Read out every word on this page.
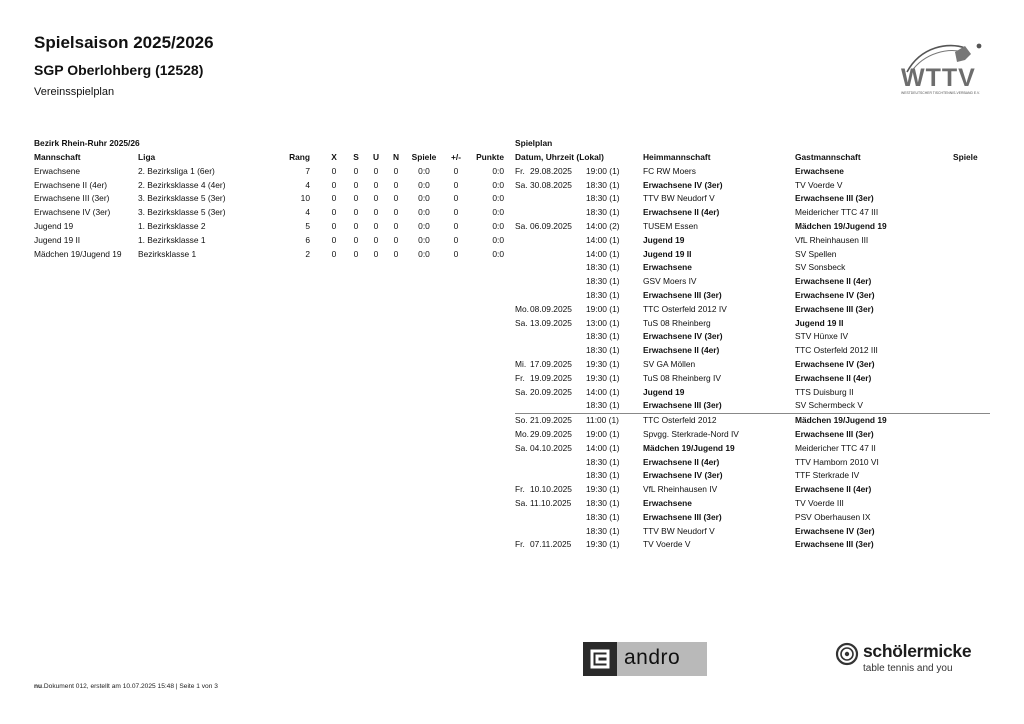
Spielsaison 2025/2026
SGP Oberlohberg (12528)
Vereinsspielplan	WTTV
WESTDEUTSCHER TISCHTENNIS-VERBAND E.V.
Bezirk Rhein-Ruhr 2025/26	Spielplan
Mannschaft	Liga	Rang	X	S	U	N	Spiele	+/-	Punkte
Erwachsene	2. Bezirksliga 1 (6er)	7	0	0	0	0	0:0	0	0:0
Erwachsene II (4er)	2. Bezirksklasse 4 (4er)	4	0	0	0	0	0:0	0	0:0
Erwachsene III (3er)	3. Bezirksklasse 5 (3er)	10	0	0	0	0	0:0	0	0:0
Erwachsene IV (3er)	3. Bezirksklasse 5 (3er)	4	0	0	0	0	0:0	0	0:0
Jugend 19	1. Bezirksklasse 2	5	0	0	0	0	0:0	0	0:0
Jugend 19 II	1. Bezirksklasse 1	6	0	0	0	0	0:0	0	0:0
Mädchen 19/Jugend 19	Bezirksklasse 1	2	0	0	0	0	0:0	0	0:0
Datum, Uhrzeit (Lokal)	Heimmannschaft	Gastmannschaft	Spiele
Fr. 29.08.2025 19:00 (1)	FC RW Moers	Erwachsene
Sa. 30.08.2025 18:30 (1)	Erwachsene IV (3er)	TV Voerde V
18:30 (1)	TTV BW Neudorf V	Erwachsene III (3er)
18:30 (1)	Erwachsene II (4er)	Meidericher TTC 47 III
Sa. 06.09.2025 14:00 (2)	TUSEM Essen	Mädchen 19/Jugend 19
14:00 (1)	Jugend 19	VfL Rheinhausen III
14:00 (1)	Jugend 19 II	SV Spellen
18:30 (1)	Erwachsene	SV Sonsbeck
18:30 (1)	GSV Moers IV	Erwachsene II (4er)
18:30 (1)	Erwachsene III (3er)	Erwachsene IV (3er)
Mo. 08.09.2025 19:00 (1)	TTC Osterfeld 2012 IV	Erwachsene III (3er)
Sa. 13.09.2025 13:00 (1)	TuS 08 Rheinberg	Jugend 19 II
18:30 (1)	Erwachsene IV (3er)	STV Hünxe IV
18:30 (1)	Erwachsene II (4er)	TTC Osterfeld 2012 III
Mi. 17.09.2025 19:30 (1)	SV GA Möllen	Erwachsene IV (3er)
Fr. 19.09.2025 19:30 (1)	TuS 08 Rheinberg IV	Erwachsene II (4er)
Sa. 20.09.2025 14:00 (1)	Jugend 19	TTS Duisburg II
18:30 (1)	Erwachsene III (3er)	SV Schermbeck V
So. 21.09.2025 11:00 (1)	TTC Osterfeld 2012	Mädchen 19/Jugend 19
Mo. 29.09.2025 19:00 (1)	Spvgg. Sterkrade-Nord IV	Erwachsene III (3er)
Sa. 04.10.2025 14:00 (1)	Mädchen 19/Jugend 19	Meidericher TTC 47 II
18:30 (1)	Erwachsene II (4er)	TTV Hamborn 2010 VI
18:30 (1)	Erwachsene IV (3er)	TTF Sterkrade IV
Fr. 10.10.2025 19:30 (1)	VfL Rheinhausen IV	Erwachsene II (4er)
Sa. 11.10.2025 18:30 (1)	Erwachsene	TV Voerde III
18:30 (1)	Erwachsene III (3er)	PSV Oberhausen IX
18:30 (1)	TTV BW Neudorf V	Erwachsene IV (3er)
Fr. 07.11.2025 19:30 (1)	TV Voerde V	Erwachsene III (3er)
nu.Dokument 012, erstellt am 10.07.2025 15:48 | Seite 1 von 3
andro	schölermicke
table tennis and you
